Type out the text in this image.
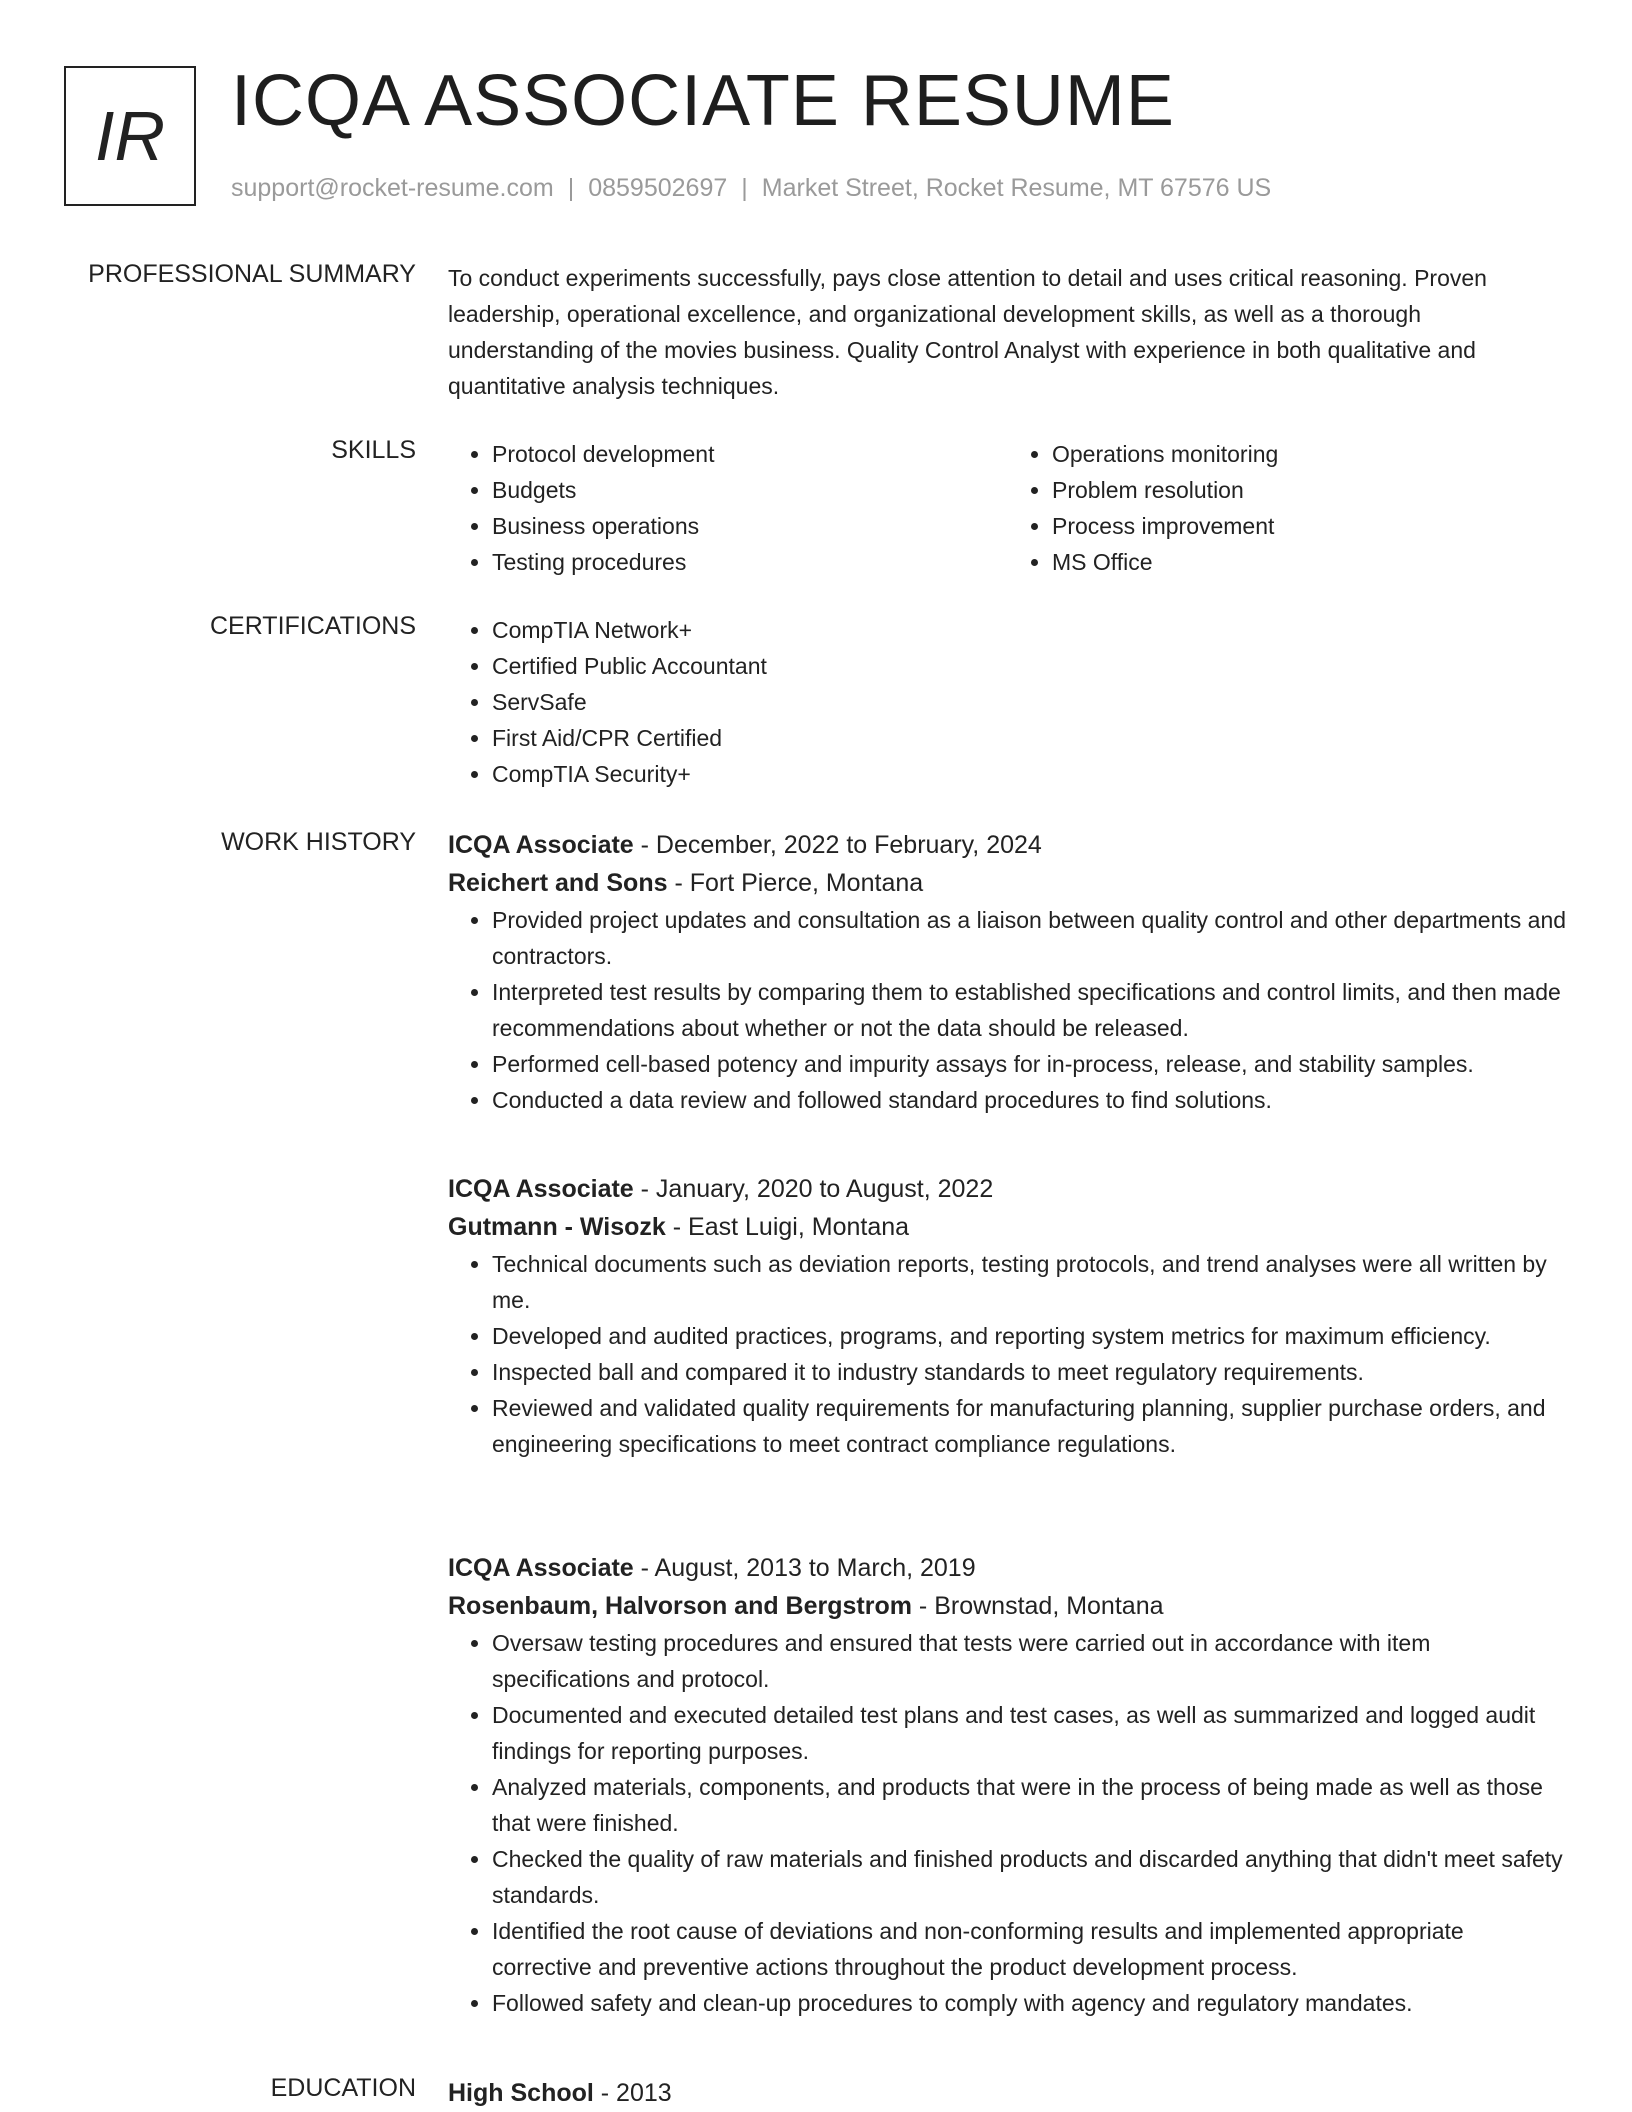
IR ICQA ASSOCIATE RESUME
support@rocket-resume.com | 0859502697 | Market Street, Rocket Resume, MT 67576 US
PROFESSIONAL SUMMARY To conduct experiments successfully, pays close attention to detail and uses critical reasoning. Proven leadership, operational excellence, and organizational development skills, as well as a thorough understanding of the movies business. Quality Control Analyst with experience in both qualitative and quantitative analysis techniques.

SKILLS	• Protocol development
• Budgets
• Business operations
• Testing procedures
• Operations monitoring
• Problem resolution
• Process improvement
• MS Office
CERTIFICATIONS	• CompTIA Network+
• Certified Public Accountant
• ServSafe
• First Aid/CPR Certified
• CompTIA Security+
WORK HISTORY ICQA Associate - December, 2022 to February, 2024
Reichert and Sons - Fort Pierce, Montana
• Provided project updates and consultation as a liaison between quality control and other departments and contractors.
• Interpreted test results by comparing them to established specifications and control limits, and then made recommendations about whether or not the data should be released.
• Performed cell-based potency and impurity assays for in-process, release, and stability samples.
• Conducted a data review and followed standard procedures to find solutions.
ICQA Associate - January, 2020 to August, 2022
Gutmann - Wisozk - East Luigi, Montana
• Technical documents such as deviation reports, testing protocols, and trend analyses were all written by me.
• Developed and audited practices, programs, and reporting system metrics for maximum efficiency.
• Inspected ball and compared it to industry standards to meet regulatory requirements.
• Reviewed and validated quality requirements for manufacturing planning, supplier purchase orders, and engineering specifications to meet contract compliance regulations.
ICQA Associate - August, 2013 to March, 2019
Rosenbaum, Halvorson and Bergstrom - Brownstad, Montana
• Oversaw testing procedures and ensured that tests were carried out in accordance with item specifications and protocol.
• Documented and executed detailed test plans and test cases, as well as summarized and logged audit findings for reporting purposes.
• Analyzed materials, components, and products that were in the process of being made as well as those that were finished.
• Checked the quality of raw materials and finished products and discarded anything that didn't meet safety standards.
• Identified the root cause of deviations and non-conforming results and implemented appropriate corrective and preventive actions throughout the product development process.
• Followed safety and clean-up procedures to comply with agency and regulatory mandates.
EDUCATION High School - 2013
